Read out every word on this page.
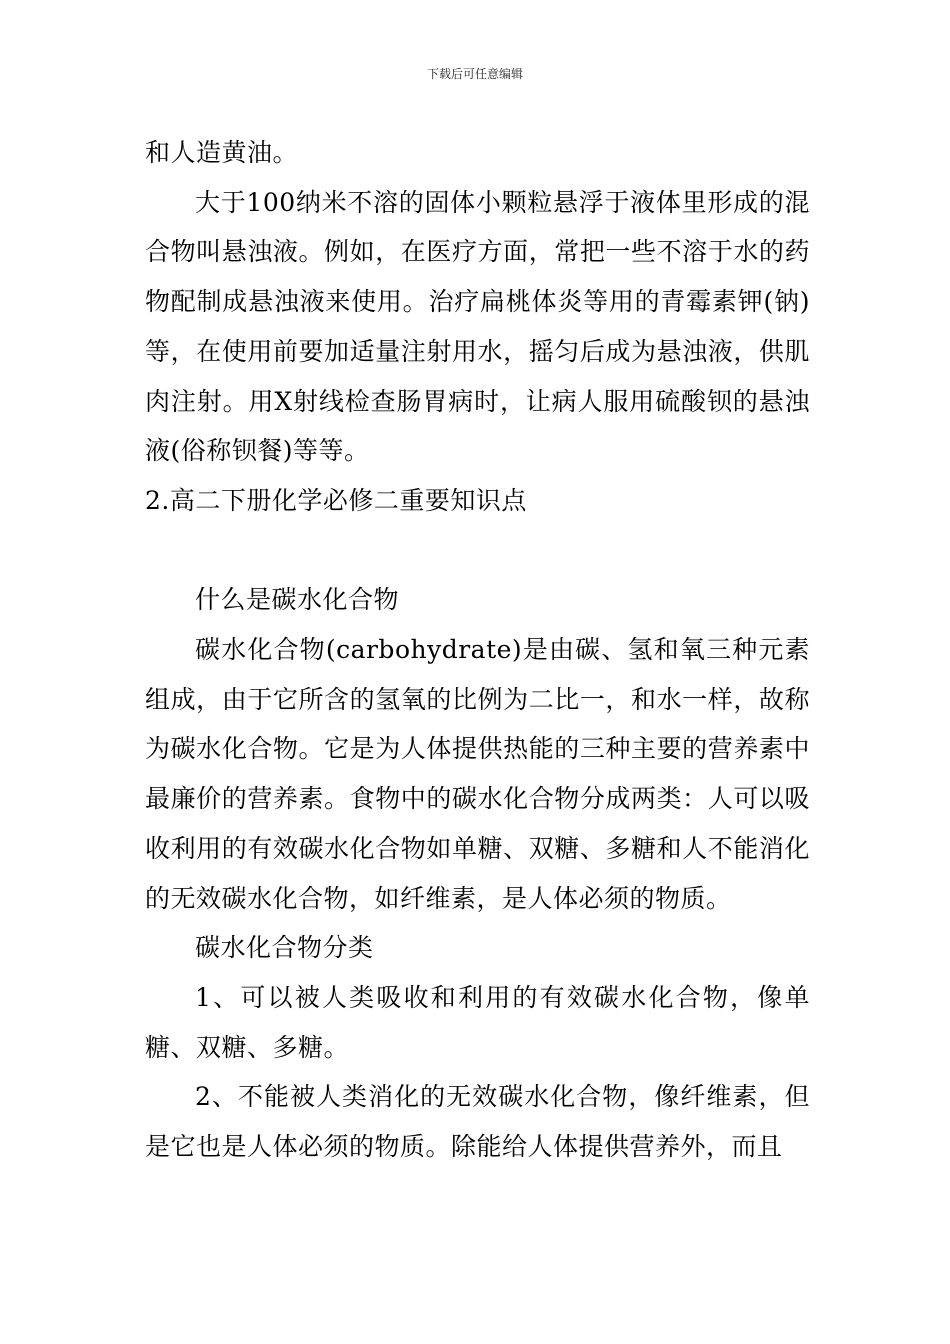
下载后可任意编辑

和人造黄油。

大于100纳米不溶的固体小颗粒悬浮于液体里形成的混合物叫悬浊液。例如，在医疗方面，常把一些不溶于水的药物配制成悬浊液来使用。治疗扁桃体炎等用的青霉素钾(钠)等，在使用前要加适量注射用水，摇匀后成为悬浊液，供肌肉注射。用X射线检查肠胃病时，让病人服用硫酸钡的悬浊液(俗称钡餐)等等。

2.高二下册化学必修二重要知识点

什么是碳水化合物

碳水化合物(carbohydrate)是由碳、氢和氧三种元素组成，由于它所含的氢氧的比例为二比一，和水一样，故称为碳水化合物。它是为人体提供热能的三种主要的营养素中最廉价的营养素。食物中的碳水化合物分成两类：人可以吸收利用的有效碳水化合物如单糖、双糖、多糖和人不能消化的无效碳水化合物，如纤维素，是人体必须的物质。

碳水化合物分类

1、可以被人类吸收和利用的有效碳水化合物，像单糖、双糖、多糖。

2、不能被人类消化的无效碳水化合物，像纤维素，但是它也是人体必须的物质。除能给人体提供营养外，而且
